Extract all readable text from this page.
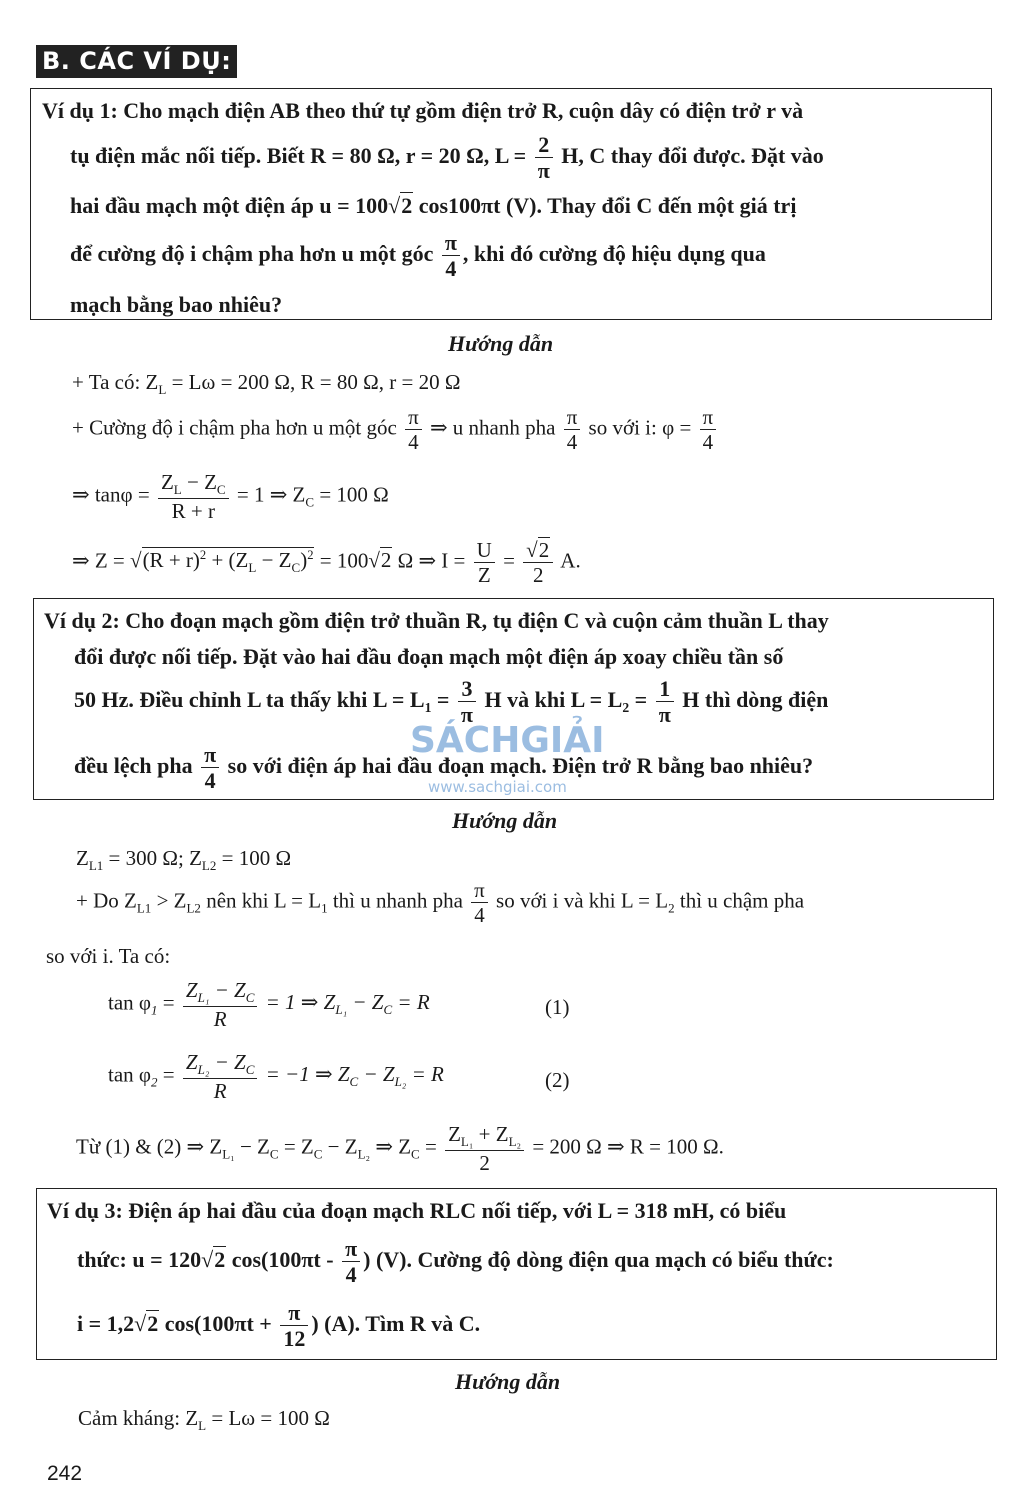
B. CÁC VÍ DỤ:
Ví dụ 1: Cho mạch điện AB theo thứ tự gồm điện trở R, cuộn dây có điện trở r và
tụ điện mắc nối tiếp. Biết R = 80 Ω, r = 20 Ω, $L = \frac{2}{\pi} H$, C thay đổi được. Đặt vào
hai đầu mạch một điện áp u = 100√2 cos100πt (V). Thay đổi C đến một giá trị
để cường độ i chậm pha hơn u một góc $\frac{\pi}{4}$ , khi đó cường độ hiệu dụng qua
mạch bằng bao nhiêu?
Hướng dẫn
+ Ta có: $Z_L = L\omega = 200$ Ω, R = 80 Ω, r = 20 Ω
+ Cường độ i chậm pha hơn u một góc $\frac{\pi}{4}$ ⇒ u nhanh pha $\frac{\pi}{4}$ so với i: $\varphi = \frac{\pi}{4}$
⇒ $\tan\varphi = \frac{Z_L - Z_C}{R + r} = 1$ ⇒ $Z_C = 100$ Ω
⇒ $Z = √(R + r)^2 + (Z_L - Z_C)^2 = 100√2$ Ω ⇒ $I = \frac{U}{Z} = \frac{√2}{2} A$.
Ví dụ 2: Cho đoạn mạch gồm điện trở thuần R, tụ điện C và cuộn cảm thuần L thay
đổi được nối tiếp. Đặt vào hai đầu đoạn mạch một điện áp xoay chiều tần số
50 Hz. Điều chỉnh L ta thấy khi $L = L_1 = \frac{3}{\pi}$ H và khi $L = L_2 = \frac{1}{\pi}$ H thì dòng điện
đều lệch pha $\frac{\pi}{4}$ so với điện áp hai đầu đoạn mạch. Điện trở R bằng bao nhiêu?
SÁCHGIẢI
www.sachgiai.com
Hướng dẫn
$Z_{L1} = 300$ Ω; $Z_{L2} = 100$ Ω
+ Do $Z_{L1} > Z_{L2}$ nên khi $L = L_1$ thì u nhanh pha $\frac{\pi}{4}$ so với i và khi $L = L_2$ thì u chậm pha
so với i. Ta có:
$\tan \varphi_1 = \frac{Z_{L_1} - Z_C}{R} = 1$ ⇒ $Z_{L_1} - Z_C = R$	(1)
$\tan \varphi_2 = \frac{Z_{L_2} - Z_C}{R} = -1$ ⇒ $Z_C - Z_{L_2} = R$	(2)
Từ (1) & (2) ⇒ $Z_{L_1} - Z_C = Z_C - Z_{L_2}$ ⇒ $Z_C = \frac{Z_{L_1} + Z_{L_2}}{2} = 200$ Ω ⇒ R = 100 Ω.
Ví dụ 3: Điện áp hai đầu của đoạn mạch RLC nối tiếp, với L = 318 mH, có biểu
thức: u = 120√2 $\cos(100\pi t - \frac{\pi}{4}$ ) (V). Cường độ dòng điện qua mạch có biểu thức:
i = 1,2√2 $\cos(100\pi t + \frac{\pi}{12}$ ) (A). Tìm R và C.
Hướng dẫn
Cảm kháng: $Z_L = L\omega = 100$ Ω
242
